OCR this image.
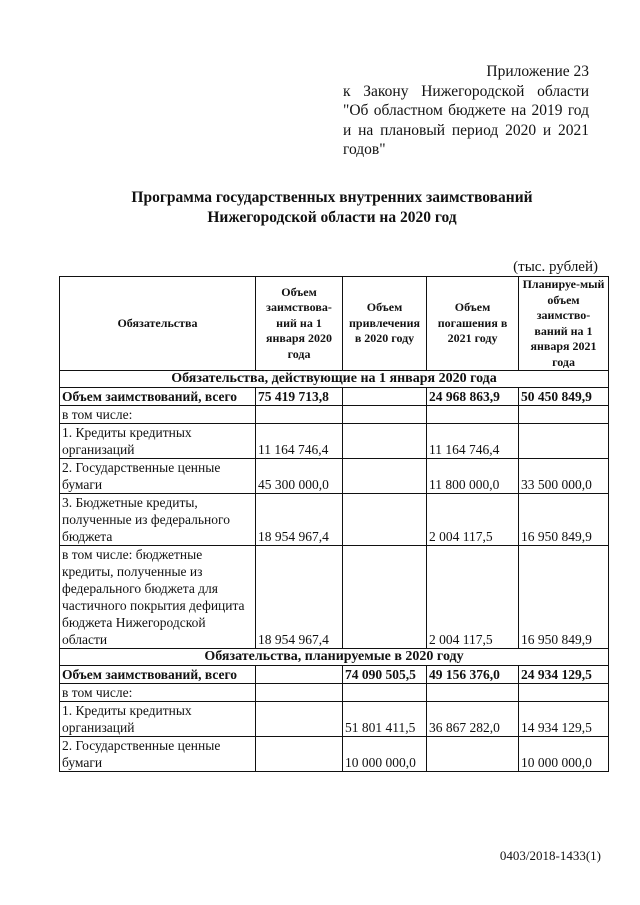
Приложение 23
к Закону Нижегородской области
"Об областном бюджете на 2019 год
и на плановый период 2020 и 2021
годов"
Программа государственных внутренних заимствований
Нижегородской области на 2020 год
(тыс. рублей)
Обязательства	Объем заимствова-ний на 1 января 2020 года	Объем привлечения в 2020 году	Объем погашения в 2021 году	Планируе-мый объем заимство-ваний на 1 января 2021 года
Обязательства, действующие на 1 января 2020 года				
Объем заимствований, всего	75 419 713,8		24 968 863,9	50 450 849,9
в том числе:				
1. Кредиты кредитных организаций	11 164 746,4		11 164 746,4	
2. Государственные ценные бумаги	45 300 000,0		11 800 000,0	33 500 000,0
3. Бюджетные кредиты, полученные из федерального бюджета	18 954 967,4		2 004 117,5	16 950 849,9
в том числе: бюджетные кредиты, полученные из федерального бюджета для частичного покрытия дефицита бюджета Нижегородской области	18 954 967,4		2 004 117,5	16 950 849,9
Обязательства, планируемые в 2020 году				
Объем заимствований, всего		74 090 505,5	49 156 376,0	24 934 129,5
в том числе:				
1. Кредиты кредитных организаций		51 801 411,5	36 867 282,0	14 934 129,5
2. Государственные ценные бумаги		10 000 000,0		10 000 000,0
0403/2018-1433(1)
